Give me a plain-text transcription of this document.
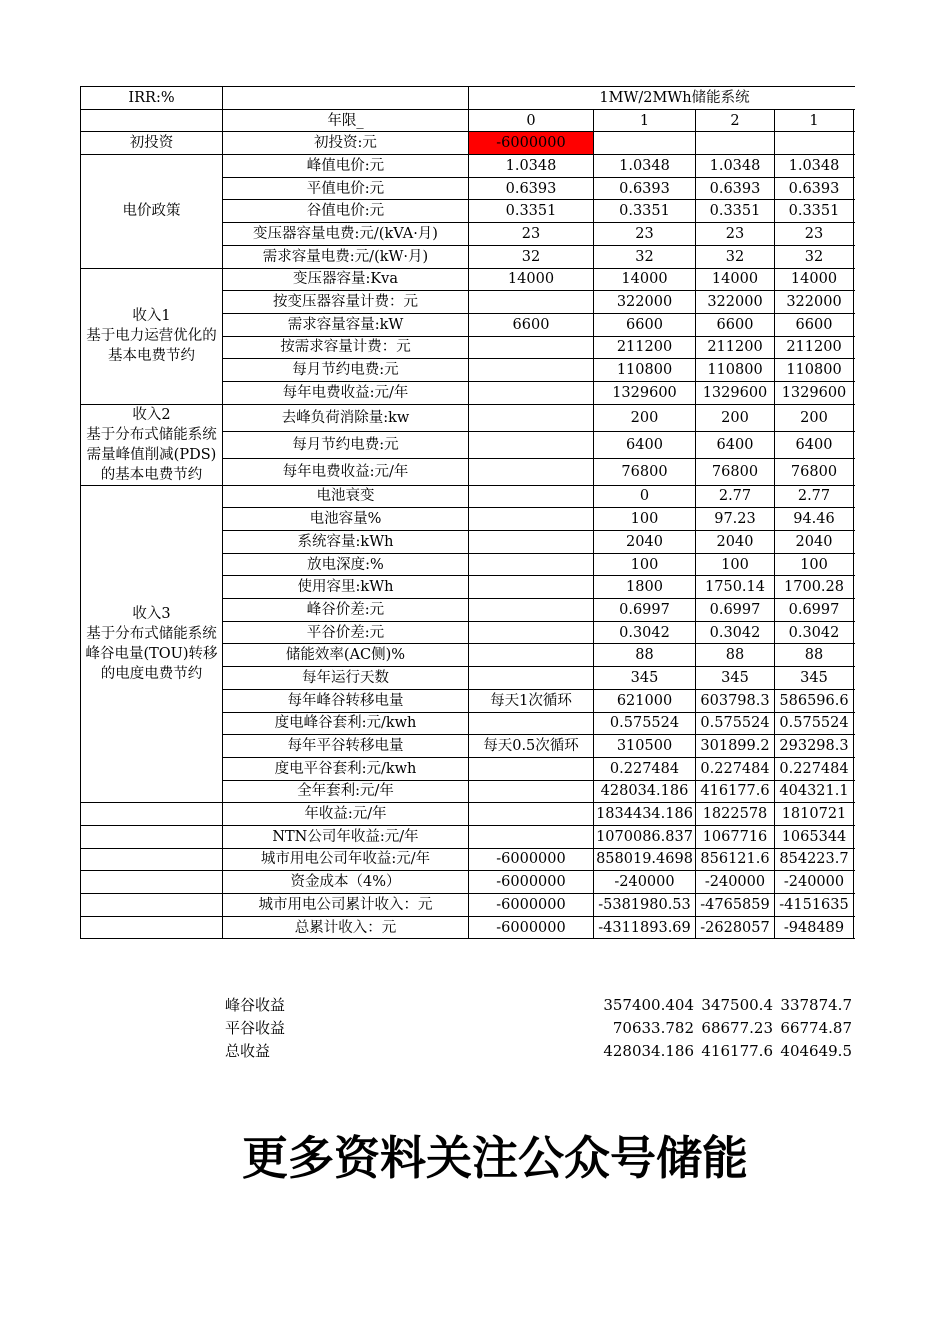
IRR:%		1MW/2MWh储能系统				
	年限_	0	1	2	1	
初投资	初投资:元	-6000000				
电价政策	峰值电价:元	1.0348	1.0348	1.0348	1.0348	
	平值电价:元	0.6393	0.6393	0.6393	0.6393	
	谷值电价:元	0.3351	0.3351	0.3351	0.3351	
	变压器容量电费:元/(kVA·月)	23	23	23	23	
	需求容量电费:元/(kW·月)	32	32	32	32	
收入1
基于电力运营优化的基本电费节约	变压器容量:Kva	14000	14000	14000	14000	
	按变压器容量计费：元		322000	322000	322000	
	需求容量容量:kW	6600	6600	6600	6600	
	按需求容量计费：元		211200	211200	211200	
	每月节约电费:元		110800	110800	110800	
	每年电费收益:元/年		1329600	1329600	1329600	
收入2
基于分布式储能系统需量峰值削减(PDS)的基本电费节约	去峰负荷消除量:kw		200	200	200	
	每月节约电费:元		6400	6400	6400	
	每年电费收益:元/年		76800	76800	76800	
收入3
基于分布式储能系统峰谷电量(TOU)转移的电度电费节约	电池衰变		0	2.77	2.77	
	电池容量%		100	97.23	94.46	
	系统容量:kWh		2040	2040	2040	
	放电深度:%		100	100	100	
	使用容里:kWh		1800	1750.14	1700.28	
	峰谷价差:元		0.6997	0.6997	0.6997	
	平谷价差:元		0.3042	0.3042	0.3042	
	储能效率(AC侧)%		88	88	88	
	每年运行天数		345	345	345	
	每年峰谷转移电量	每天1次循环	621000	603798.3	586596.6	
	度电峰谷套利:元/kwh		0.575524	0.575524	0.575524	
	每年平谷转移电量	每天0.5次循环	310500	301899.2	293298.3	
	度电平谷套利:元/kwh		0.227484	0.227484	0.227484	
	全年套利:元/年		428034.186	416177.6	404321.1	
	年收益:元/年		1834434.186	1822578	1810721	
	NTN公司年收益:元/年		1070086.837	1067716	1065344	
	城市用电公司年收益:元/年	-6000000	858019.4698	856121.6	854223.7	
	资金成本（4%）	-6000000	-240000	-240000	-240000	
	城市用电公司累计收入：元	-6000000	-5381980.53	-4765859	-4151635	
	总累计收入：元	-6000000	-4311893.69	-2628057	-948489	
峰谷收益	357400.404 347500.4 337874.7
平谷收益	70633.782 68677.23 66774.87
总收益	428034.186 416177.6 404649.5
更多资料关注公众号储能
